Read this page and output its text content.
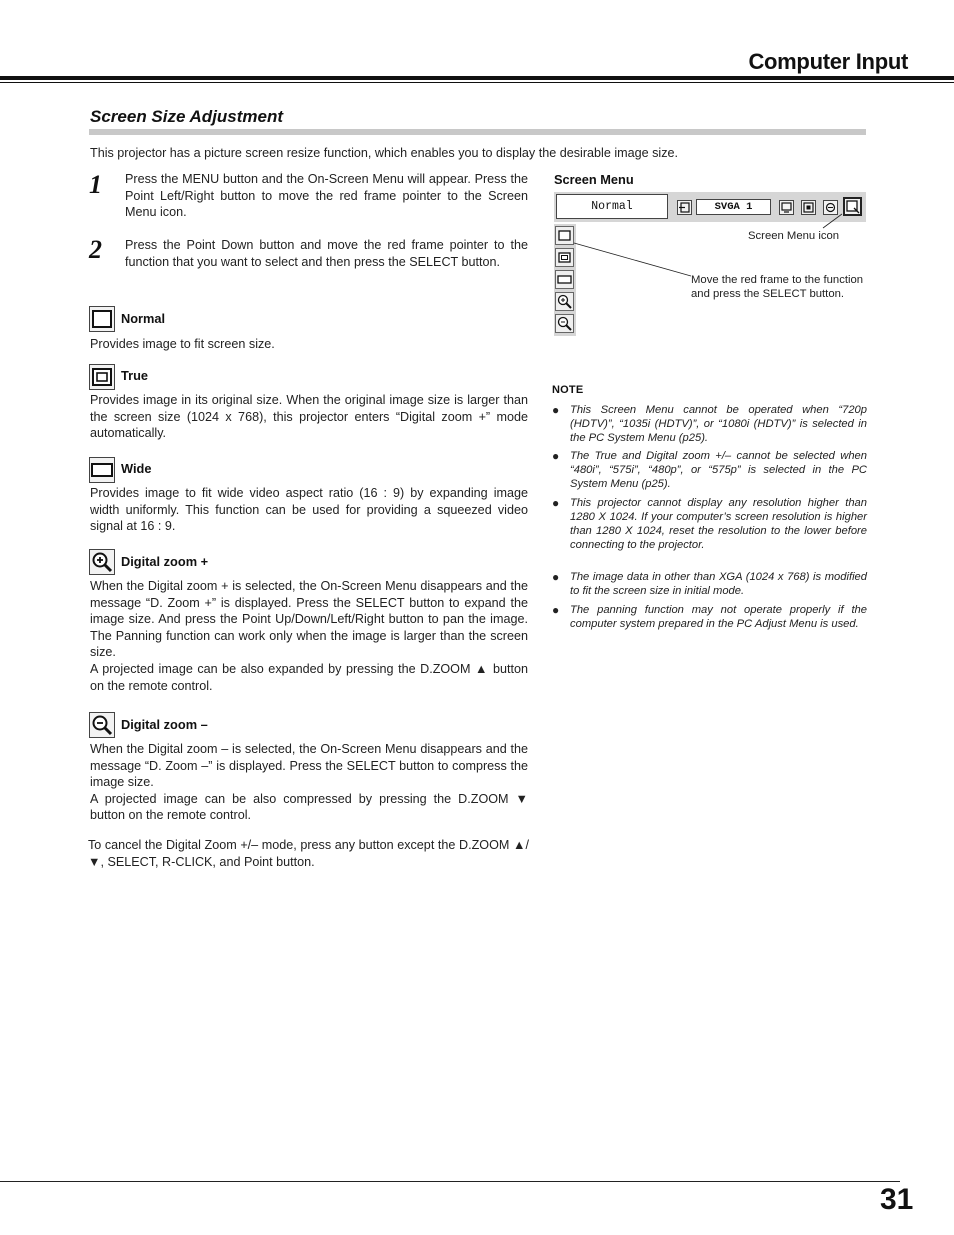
Computer Input
Screen Size Adjustment
This projector has a picture screen resize function, which enables you to display the desirable image size.
1 Press the MENU button and the On-Screen Menu will appear. Press the Point Left/Right button to move the red frame pointer to the Screen Menu icon.
2 Press the Point Down button and move the red frame pointer to the function that you want to select and then press the SELECT button.
Normal
Provides image to fit screen size.
True
Provides image in its original size. When the original image size is larger than the screen size (1024 x 768), this projector enters “Digital zoom +” mode automatically.
Wide
Provides image to fit wide video aspect ratio (16 : 9) by expanding image width uniformly. This function can be used for providing a squeezed video signal at 16 : 9.
Digital zoom +
When the Digital zoom + is selected, the On-Screen Menu disappears and the message “D. Zoom +” is displayed. Press the SELECT button to expand the image size. And press the Point Up/Down/Left/Right button to pan the image. The Panning function can work only when the image is larger than the screen size.
A projected image can be also expanded by pressing the D.ZOOM ▲ button on the remote control.
Digital zoom –
When the Digital zoom – is selected, the On-Screen Menu disappears and the message “D. Zoom –” is displayed. Press the SELECT button to compress the image size.
A projected image can be also compressed by pressing the D.ZOOM ▼ button on the remote control.
To cancel the Digital Zoom +/– mode, press any button except the D.ZOOM ▲/▼, SELECT, R-CLICK, and Point button.
Screen Menu
Normal	SVGA 1
Screen Menu icon
Move the red frame to the function and press the SELECT button.
NOTE
● This Screen Menu cannot be operated when “720p (HDTV)”, “1035i (HDTV)”, or “1080i (HDTV)” is selected in the PC System Menu (p25).
● The True and Digital zoom +/– cannot be selected when “480i”, “575i”, “480p”, or “575p” is selected in the PC System Menu (p25).
● This projector cannot display any resolution higher than 1280 X 1024. If your computer’s screen resolution is higher than 1280 X 1024, reset the resolution to the lower before connecting to the projector.
● The image data in other than XGA (1024 x 768) is modified to fit the screen size in initial mode.
● The panning function may not operate properly if the computer system prepared in the PC Adjust Menu is used.
31
